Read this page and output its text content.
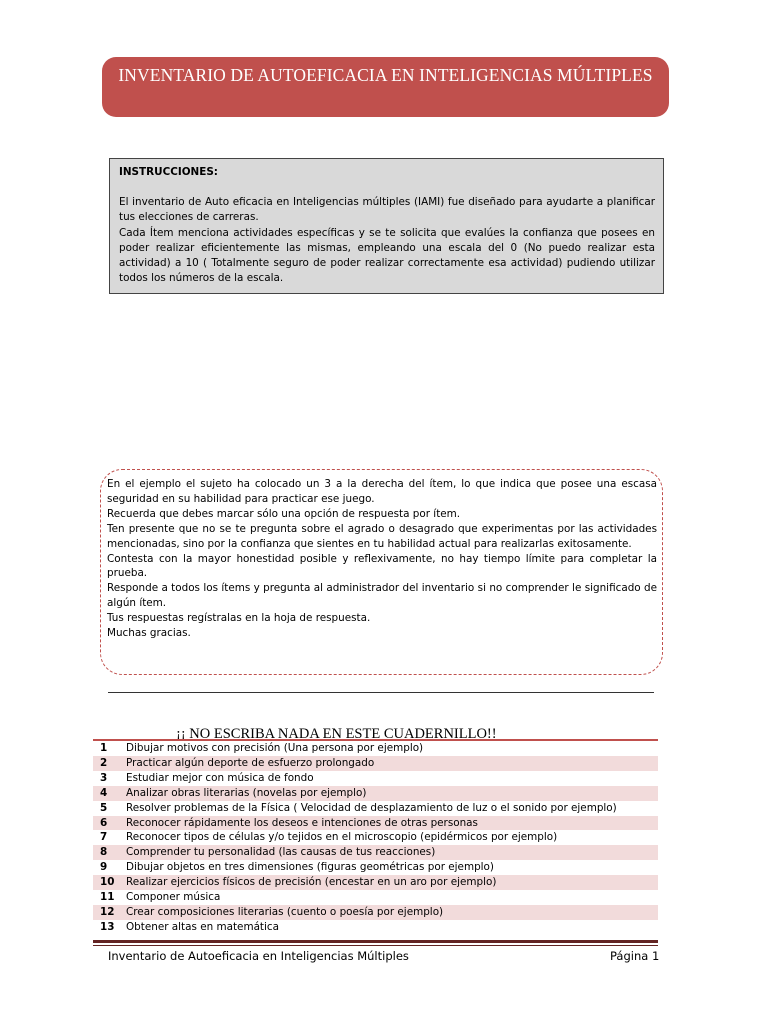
INVENTARIO DE AUTOEFICACIA EN INTELIGENCIAS MÚLTIPLES
INSTRUCCIONES:

El inventario de Auto eficacia en Inteligencias múltiples (IAMI) fue diseñado para ayudarte a planificar tus elecciones de carreras.

Cada Ítem menciona actividades específicas y se te solicita que evalúes la confianza que posees en poder realizar eficientemente las mismas, empleando una escala del 0 (No puedo realizar esta actividad) a 10 ( Totalmente seguro de poder realizar correctamente esa actividad) pudiendo utilizar todos los números de la escala.

En el ejemplo el sujeto ha colocado un 3 a la derecha del ítem, lo que indica que posee una escasa seguridad en su habilidad para practicar ese juego.

Recuerda que debes marcar sólo una opción de respuesta por ítem.

Ten presente que no se te pregunta sobre el agrado o desagrado que experimentas por las actividades mencionadas, sino por la confianza que sientes en tu habilidad actual para realizarlas exitosamente.

Contesta con la mayor honestidad posible y reflexivamente, no hay tiempo límite para completar la prueba.

Responde a todos los ítems y pregunta al administrador del inventario si no comprender le significado de algún ítem.

Tus respuestas regístralas en la hoja de respuesta.

Muchas gracias.

¡¡ NO ESCRIBA NADA EN ESTE CUADERNILLO!!
1	Dibujar motivos con precisión (Una persona por ejemplo)
2	Practicar algún deporte de esfuerzo prolongado
3	Estudiar mejor con música de fondo
4	Analizar obras literarias (novelas por ejemplo)
5	Resolver problemas de la Física ( Velocidad de desplazamiento de luz o el sonido por ejemplo)
6	Reconocer rápidamente los deseos e intenciones de otras personas
7	Reconocer tipos de células y/o tejidos en el microscopio (epidérmicos por ejemplo)
8	Comprender tu personalidad (las causas de tus reacciones)
9	Dibujar objetos en tres dimensiones (figuras geométricas por ejemplo)
10	Realizar ejercicios físicos de precisión (encestar en un aro por ejemplo)
11	Componer música
12	Crear composiciones literarias (cuento o poesía por ejemplo)
13	Obtener altas en matemática
Inventario de Autoeficacia en Inteligencias Múltiples	Página 1
